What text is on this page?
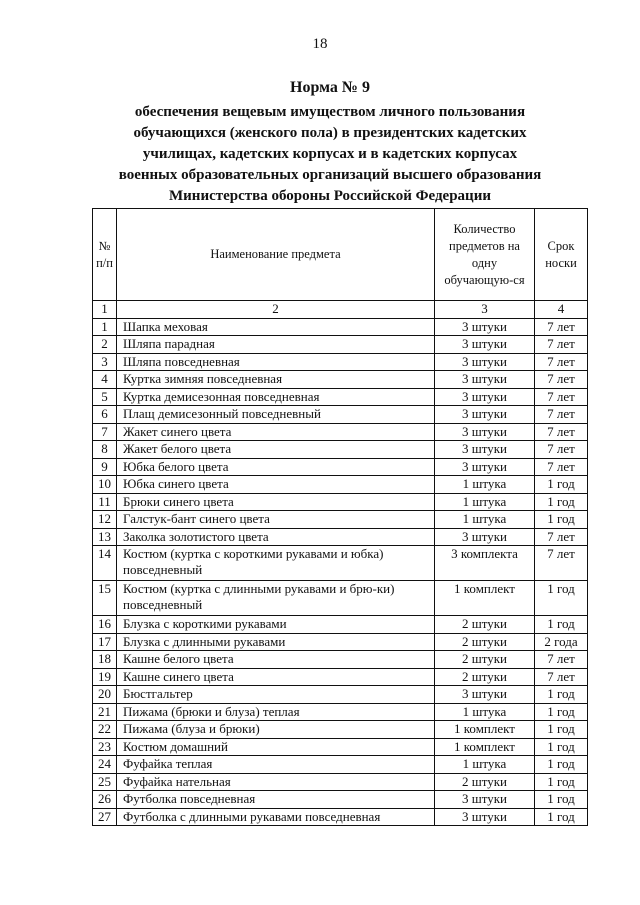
18
Норма № 9
обеспечения вещевым имуществом личного пользования
обучающихся (женского пола) в президентских кадетских
училищах, кадетских корпусах и в кадетских корпусах
военных образовательных организаций высшего образования
Министерства обороны Российской Федерации
№ п/п	Наименование предмета	Количество предметов на одну обучающую-ся	Срок носки
1	2	3	4
1	Шапка меховая	3 штуки	7 лет
2	Шляпа парадная	3 штуки	7 лет
3	Шляпа повседневная	3 штуки	7 лет
4	Куртка зимняя повседневная	3 штуки	7 лет
5	Куртка демисезонная повседневная	3 штуки	7 лет
6	Плащ демисезонный повседневный	3 штуки	7 лет
7	Жакет синего цвета	3 штуки	7 лет
8	Жакет белого цвета	3 штуки	7 лет
9	Юбка белого цвета	3 штуки	7 лет
10	Юбка синего цвета	1 штука	1 год
11	Брюки синего цвета	1 штука	1 год
12	Галстук-бант синего цвета	1 штука	1 год
13	Заколка золотистого цвета	3 штуки	7 лет
14	Костюм (куртка с короткими рукавами и юбка) повседневный	3 комплекта	7 лет
15	Костюм (куртка с длинными рукавами и брю-ки) повседневный	1 комплект	1 год
16	Блузка с короткими рукавами	2 штуки	1 год
17	Блузка с длинными рукавами	2 штуки	2 года
18	Кашне белого цвета	2 штуки	7 лет
19	Кашне синего цвета	2 штуки	7 лет
20	Бюстгальтер	3 штуки	1 год
21	Пижама (брюки и блуза) теплая	1 штука	1 год
22	Пижама (блуза и брюки)	1 комплект	1 год
23	Костюм домашний	1 комплект	1 год
24	Фуфайка теплая	1 штука	1 год
25	Фуфайка нательная	2 штуки	1 год
26	Футболка повседневная	3 штуки	1 год
27	Футболка с длинными рукавами повседневная	3 штуки	1 год
